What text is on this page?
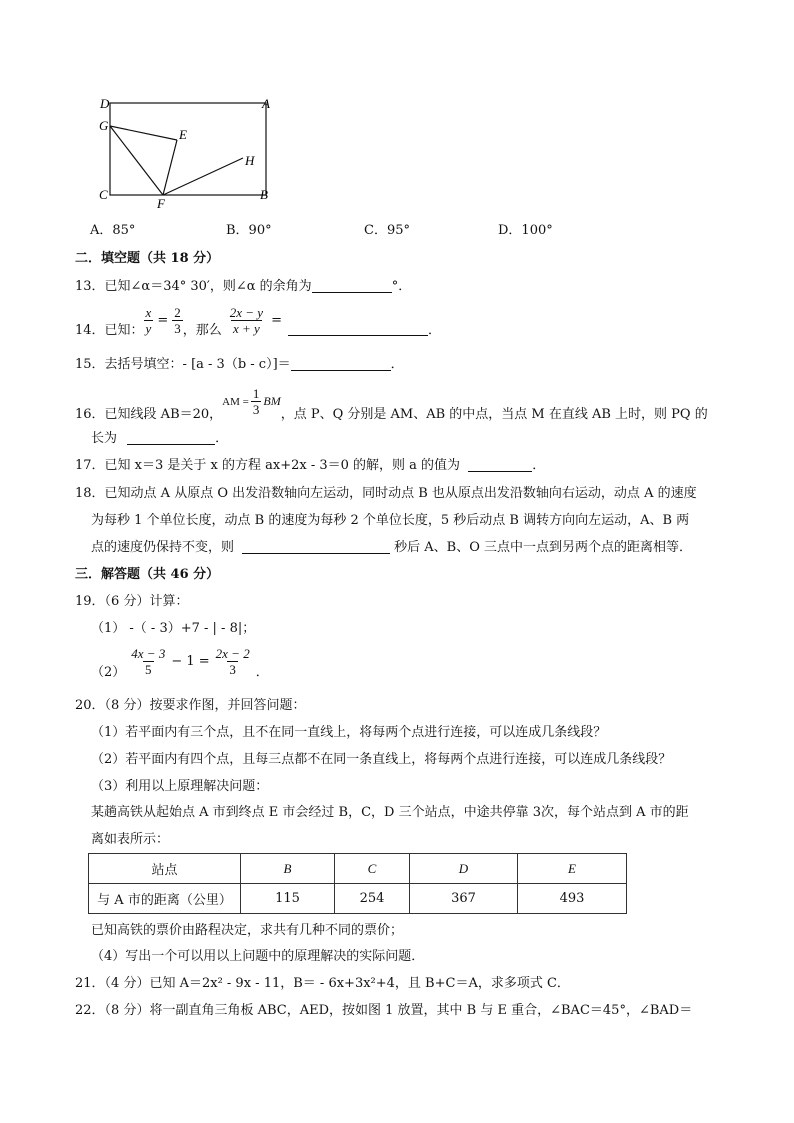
D	A
G
E
H
C
F
B
A．85°	B．90°	C．95°	D．100°
二．填空题（共 18 分）
13．已知∠α＝34° 30′，则∠α 的余角为	°．
14．已知： $\frac{x}{y} = \frac{2}{3}$ ，那么 $\frac{2x - y}{x + y}$ =
．
15．去括号填空：- [a - 3（b - c）]＝	．
16．已知线段 AB＝20，
AM = $\frac{1}{3}$ BM
，点 P、Q 分别是 AM、AB 的中点，当点 M 在直线 AB 上时，则 PQ 的
长为	．
17．已知 x＝3 是关于 x 的方程 ax+2x - 3＝0 的解，则 a 的值为	．
18．已知动点 A 从原点 O 出发沿数轴向左运动，同时动点 B 也从原点出发沿数轴向右运动，动点 A 的速度
为每秒 1 个单位长度，动点 B 的速度为每秒 2 个单位长度，5 秒后动点 B 调转方向向左运动，A、B 两
点的速度仍保持不变，则	秒后 A、B、O 三点中一点到另两个点的距离相等．
三．解答题（共 46 分）
19．（6 分）计算：
（1） -（ - 3）+7 - | - 8|；
$(2) \frac{4x - 3}{5} - 1 = \frac{2x - 2}{3}$ ．
20．（8 分）按要求作图，并回答问题：
（1）若平面内有三个点，且不在同一直线上，将每两个点进行连接，可以连成几条线段？
（2）若平面内有四个点，且每三点都不在同一条直线上，将每两个点进行连接，可以连成几条线段？
（3）利用以上原理解决问题：
某趟高铁从起始点 A 市到终点 E 市会经过 B，C，D 三个站点，中途共停靠 3次，每个站点到 A 市的距
离如表所示：
站点	B	C	D	E
与 A 市的距离（公里）	115	254	367	493
已知高铁的票价由路程决定，求共有几种不同的票价；
（4）写出一个可以用以上问题中的原理解决的实际问题．
21．（4 分）已知 A＝2x² - 9x - 11，B＝ - 6x+3x²+4，且 B+C＝A，求多项式 C．
22．（8 分）将一副直角三角板 ABC，AED，按如图 1 放置，其中 B 与 E 重合，∠BAC＝45°，∠BAD＝
